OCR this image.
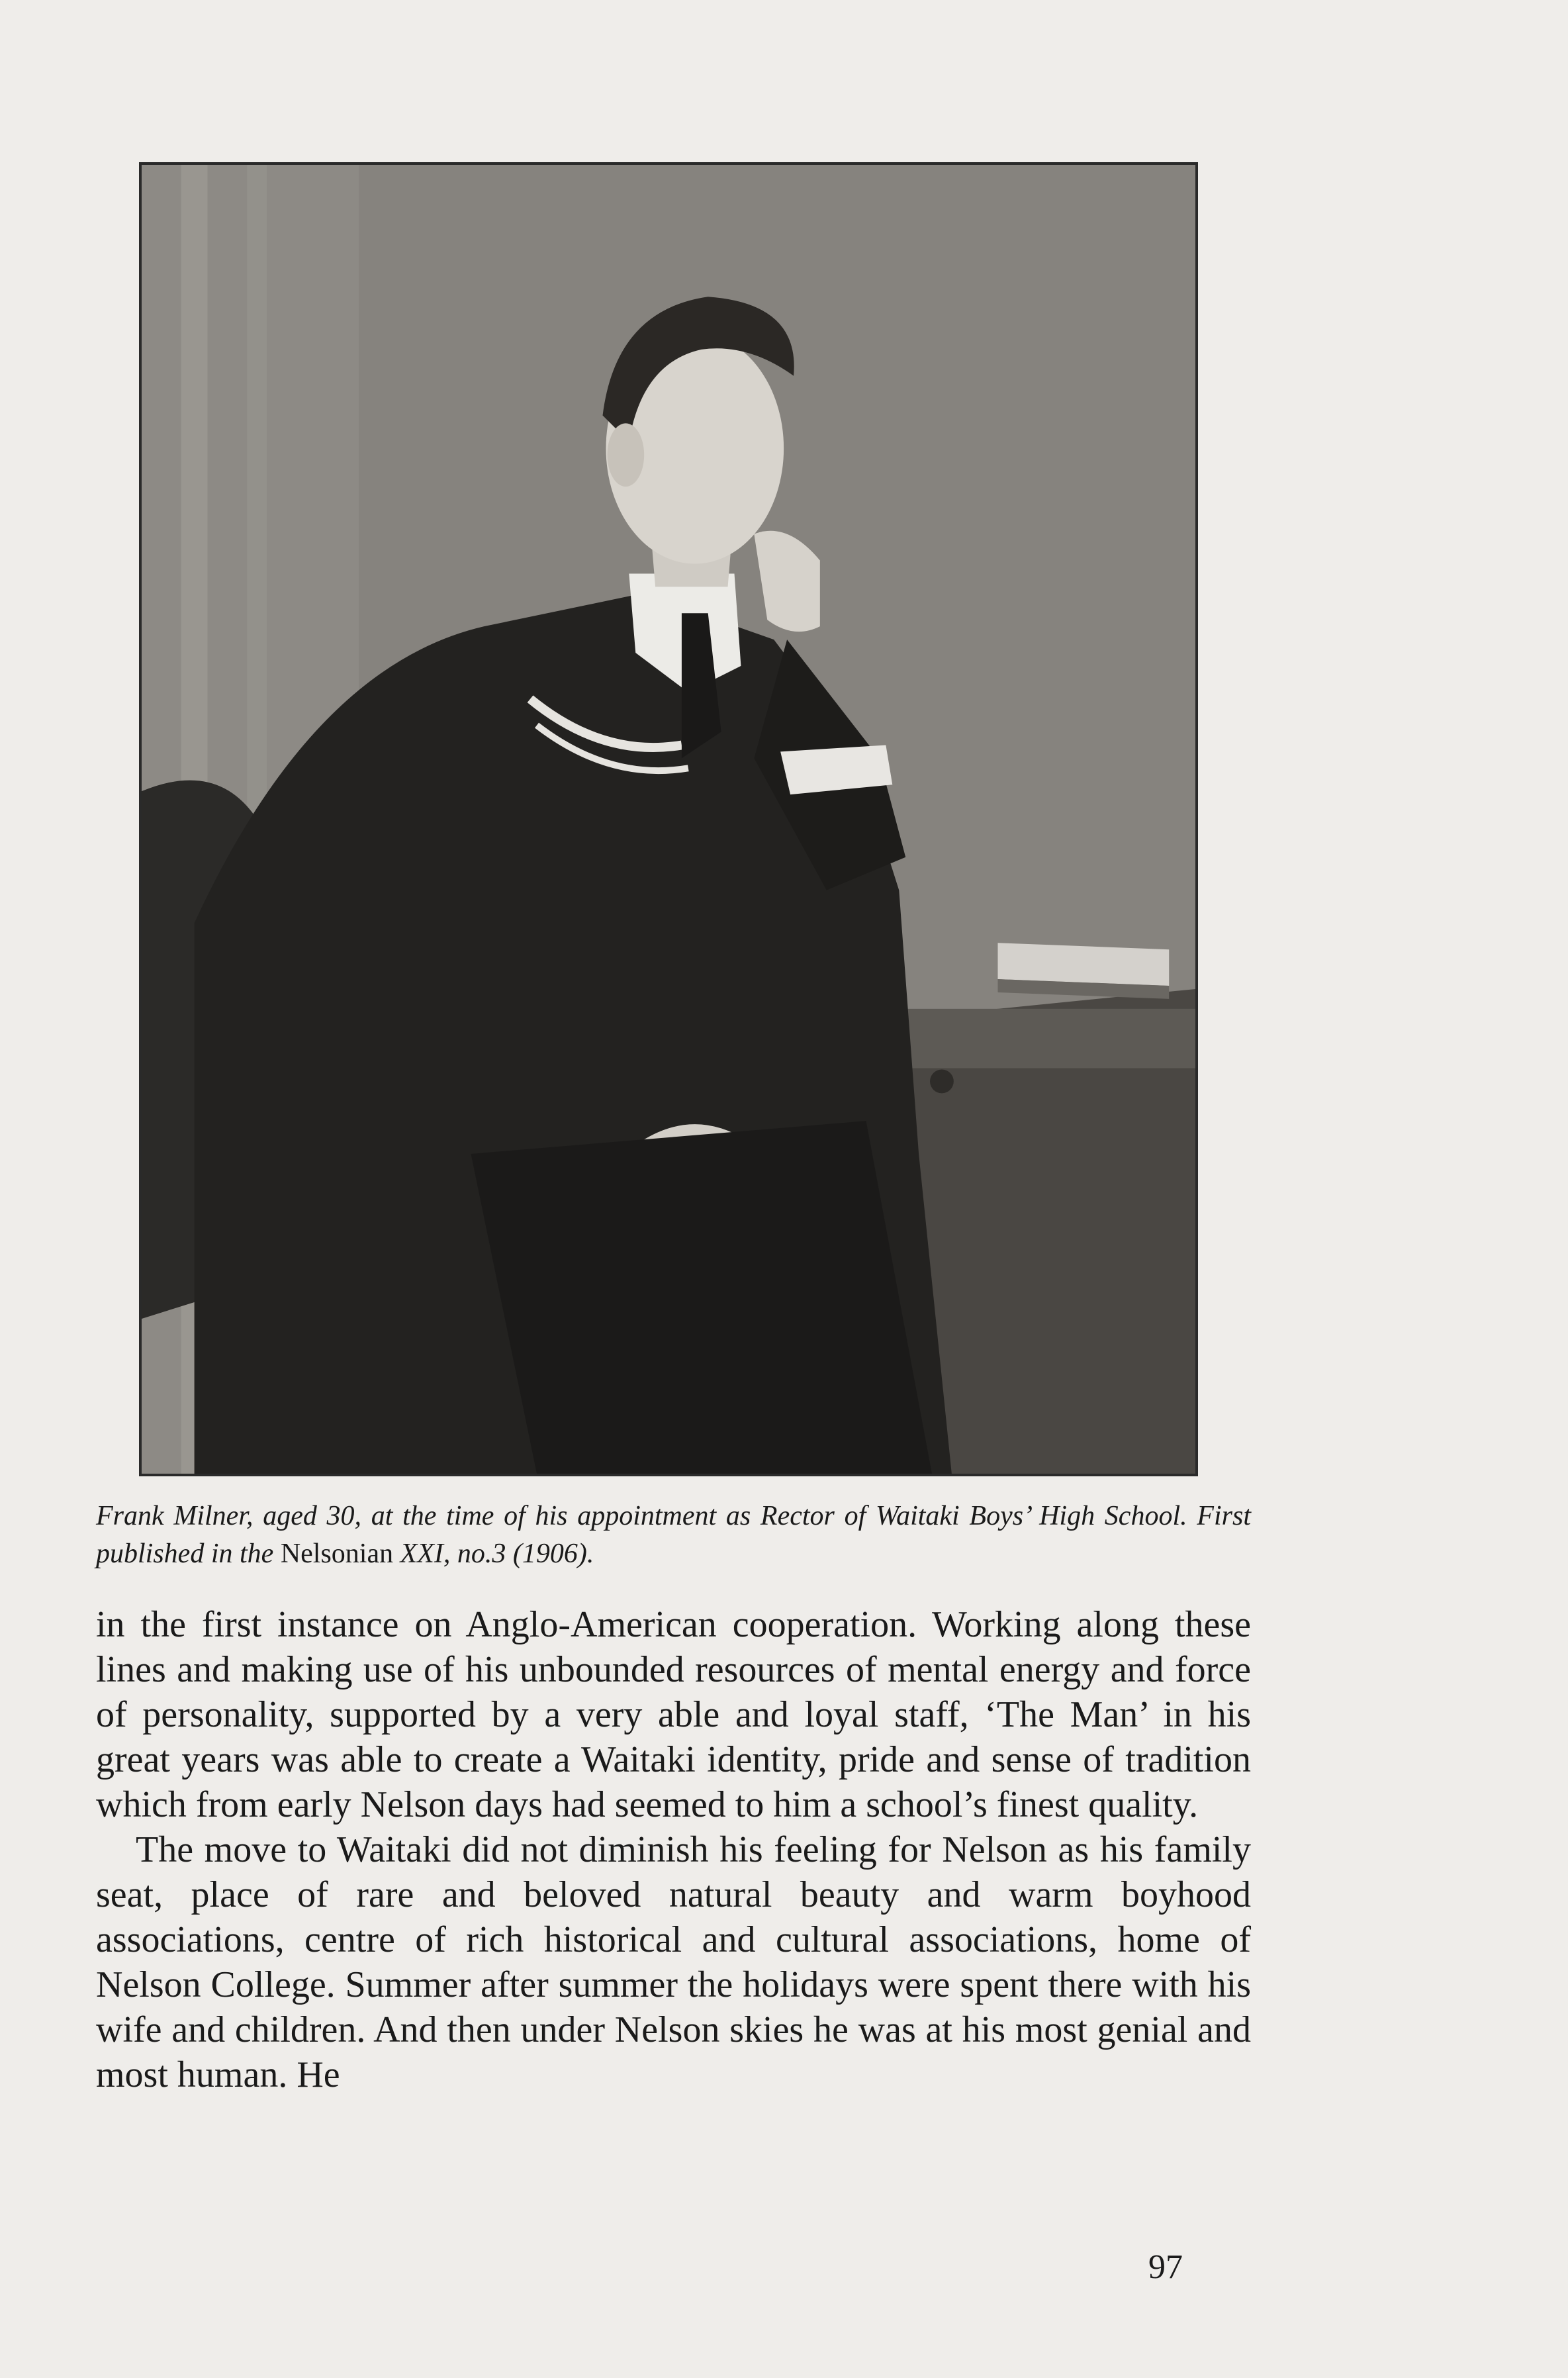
Frank Milner, aged 30, at the time of his appointment as Rector of Waitaki Boys’ High School. First published in the Nelsonian XXI, no.3 (1906).

in the first instance on Anglo-American cooperation. Working along these lines and making use of his unbounded resources of mental energy and force of personality, supported by a very able and loyal staff, ‘The Man’ in his great years was able to create a Waitaki identity, pride and sense of tradition which from early Nelson days had seemed to him a school’s finest quality.

The move to Waitaki did not diminish his feeling for Nelson as his family seat, place of rare and beloved natural beauty and warm boyhood associations, centre of rich historical and cultural associations, home of Nelson College. Summer after summer the holidays were spent there with his wife and children. And then under Nelson skies he was at his most genial and most human. He

97
